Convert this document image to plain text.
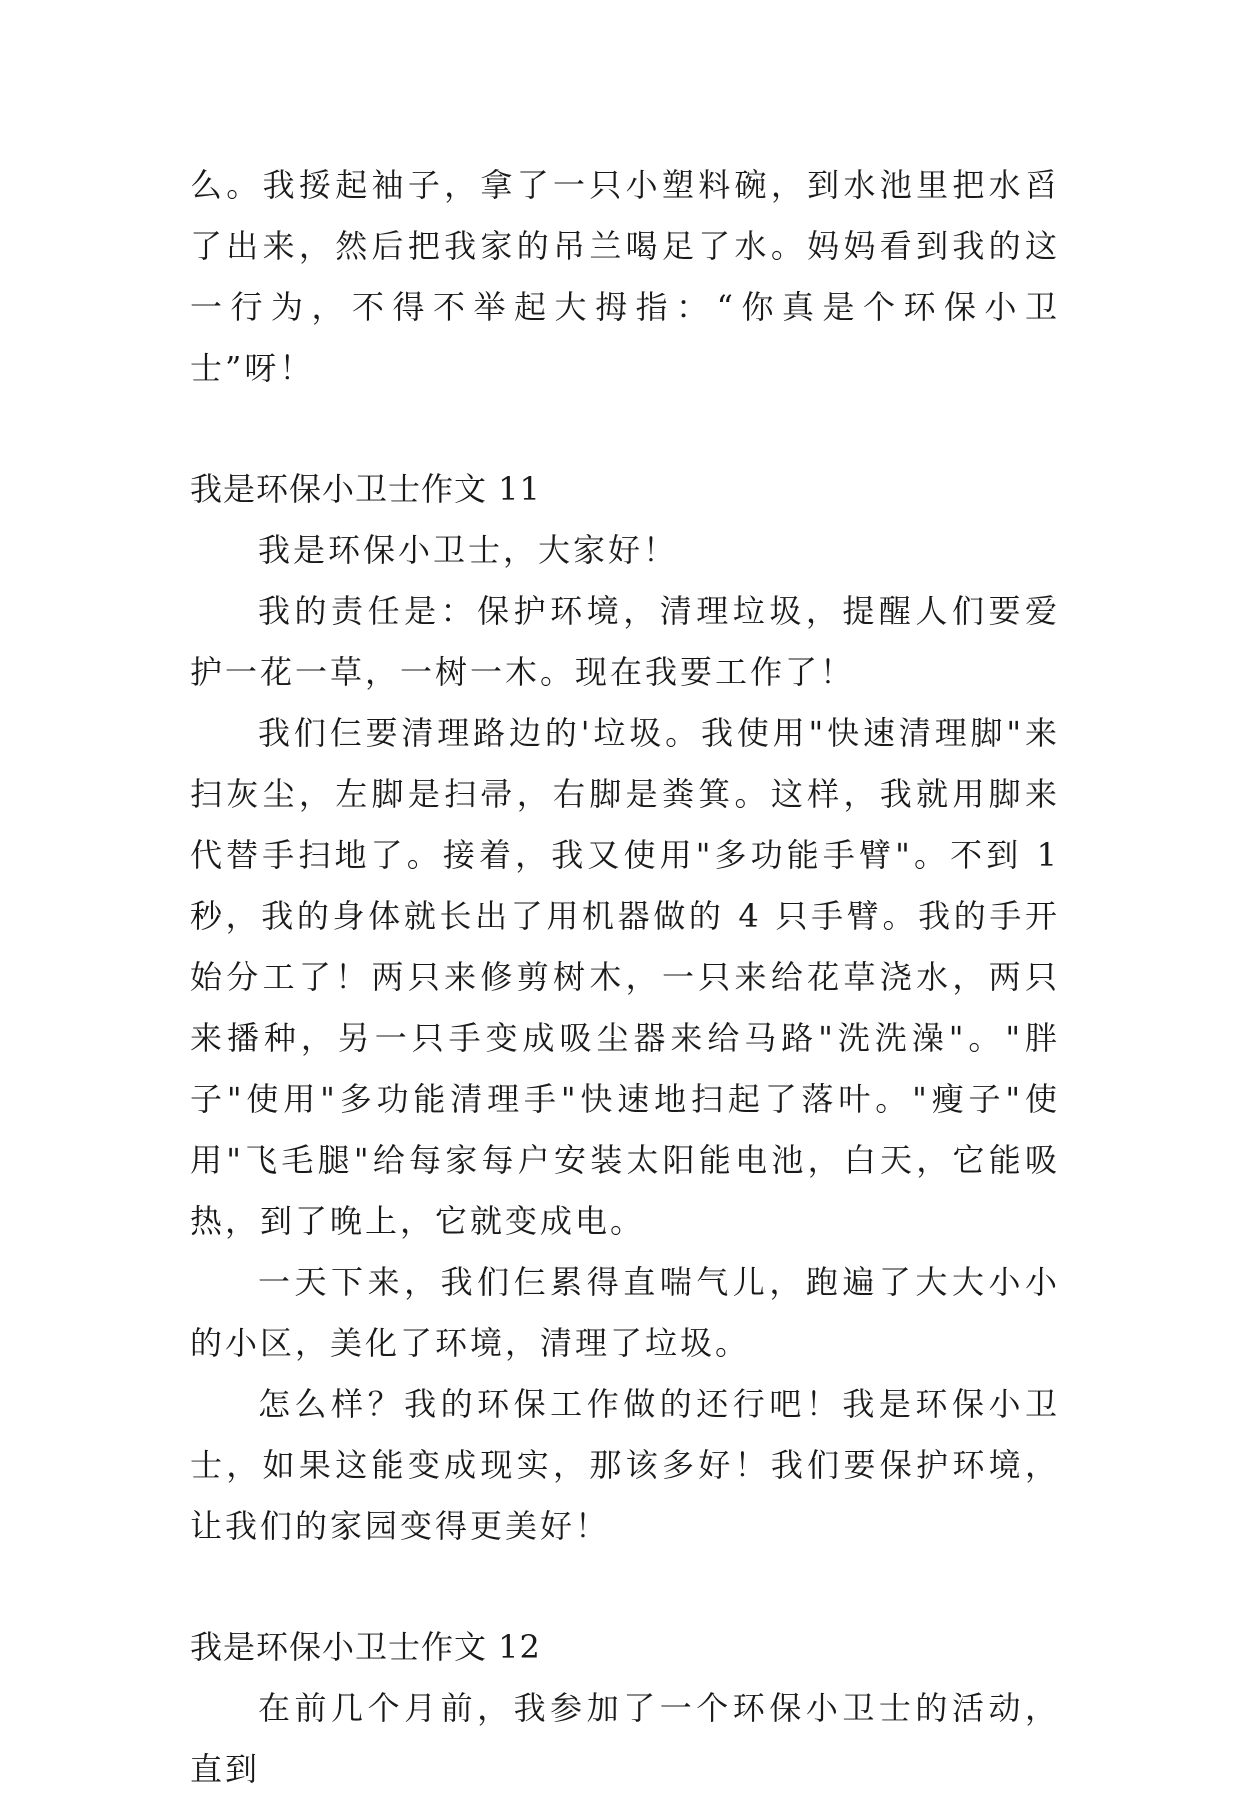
么。我挼起袖子，拿了一只小塑料碗，到水池里把水舀了出来，然后把我家的吊兰喝足了水。妈妈看到我的这一行为，不得不举起大拇指：“你真是个环保小卫士”呀！

我是环保小卫士作文 11

我是环保小卫士，大家好！

我的责任是：保护环境，清理垃圾，提醒人们要爱护一花一草，一树一木。现在我要工作了！

我们仨要清理路边的'垃圾。我使用"快速清理脚"来扫灰尘，左脚是扫帚，右脚是粪箕。这样，我就用脚来代替手扫地了。接着，我又使用"多功能手臂"。不到 1 秒，我的身体就长出了用机器做的 4 只手臂。我的手开始分工了！两只来修剪树木，一只来给花草浇水，两只来播种，另一只手变成吸尘器来给马路"洗洗澡"。"胖子"使用"多功能清理手"快速地扫起了落叶。"瘦子"使用"飞毛腿"给每家每户安装太阳能电池，白天，它能吸热，到了晚上，它就变成电。

一天下来，我们仨累得直喘气儿，跑遍了大大小小的小区，美化了环境，清理了垃圾。

怎么样？我的环保工作做的还行吧！我是环保小卫士，如果这能变成现实，那该多好！我们要保护环境，让我们的家园变得更美好！

我是环保小卫士作文 12

在前几个月前，我参加了一个环保小卫士的活动，直到
